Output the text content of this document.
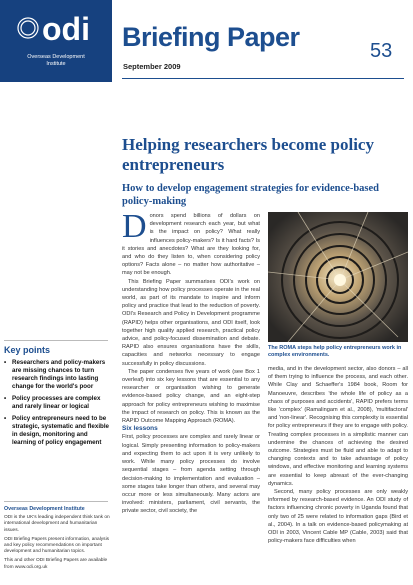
odi
Overseas Development
Institute
Key points
• Researchers and policy-makers are missing chances to turn research findings into lasting change for the world's poor
• Policy processes are complex and rarely linear or logical
• Policy entrepreneurs need to be strategic, systematic and flexible in design, monitoring and learning of policy engagement

Overseas Development Institute

ODI is the UK's leading independent think tank on international development and humanitarian issues.

ODI Briefing Papers present information, analysis and key policy recommendations on important development and humanitarian topics.

This and other ODI Briefing Papers are available from www.odi.org.uk

Briefing Paper
September 2009
53
Helping researchers become policy entrepreneurs
How to develop engagement strategies for evidence-based policy-making

Donors spend billions of dollars on development research each year, but what is the impact on policy? What really influences policy-makers? Is it hard facts? Is it stories and anecdotes? What are they looking for, and who do they listen to, when considering policy options? Facts alone – no matter how authoritative – may not be enough.

This Briefing Paper summarises ODI's work on understanding how policy processes operate in the real world, as part of its mandate to inspire and inform policy and practice that lead to the reduction of poverty. ODI's Research and Policy in Development programme (RAPID) helps other organisations, and ODI itself, look together high quality applied research, practical policy advice, and policy-focused dissemination and debate. RAPID also ensures organisations have the skills, capacities and networks necessary to engage successfully in policy discussions.

The paper condenses five years of work (see Box 1 overleaf) into six key lessons that are essential to any researcher or organisation wishing to generate evidence-based policy change, and an eight-step approach for policy entrepreneurs wishing to maximise the impact of research on policy. This is known as the RAPID Outcome Mapping Approach (ROMA).

Six lessons

First, policy processes are complex and rarely linear or logical. Simply presenting information to policy-makers and expecting them to act upon it is very unlikely to work. While many policy processes do involve sequential stages – from agenda setting through decision-making to implementation and evaluation – some stages take longer than others, and several may occur more or less simultaneously. Many actors are involved: ministers, parliament, civil servants, the private sector, civil society, the

The ROMA steps help policy entrepreneurs work in complex environments.

media, and in the development sector, also donors – all of them trying to influence the process, and each other. While Clay and Schaeffer's 1984 book, Room for Manoeuvre, describes 'the whole life of policy as a chaos of purposes and accidents', RAPID prefers terms like 'complex' (Ramalingam et al., 2008), 'multifactoral' and 'non-linear'. Recognising this complexity is essential for policy entrepreneurs if they are to engage with policy. Treating complex processes in a simplistic manner can undermine the chances of achieving the desired outcome. Strategies must be fluid and able to adapt to changing contexts and to take advantage of policy windows, and effective monitoring and learning systems are essential to keep abreast of the ever-changing dynamics.

Second, many policy processes are only weakly informed by research-based evidence. An ODI study of factors influencing chronic poverty in Uganda found that only two of 25 were related to information gaps (Bird et al., 2004). In a talk on evidence-based policymaking at ODI in 2003, Vincent Cable MP (Cable, 2003) said that policy-makers face difficulties when
